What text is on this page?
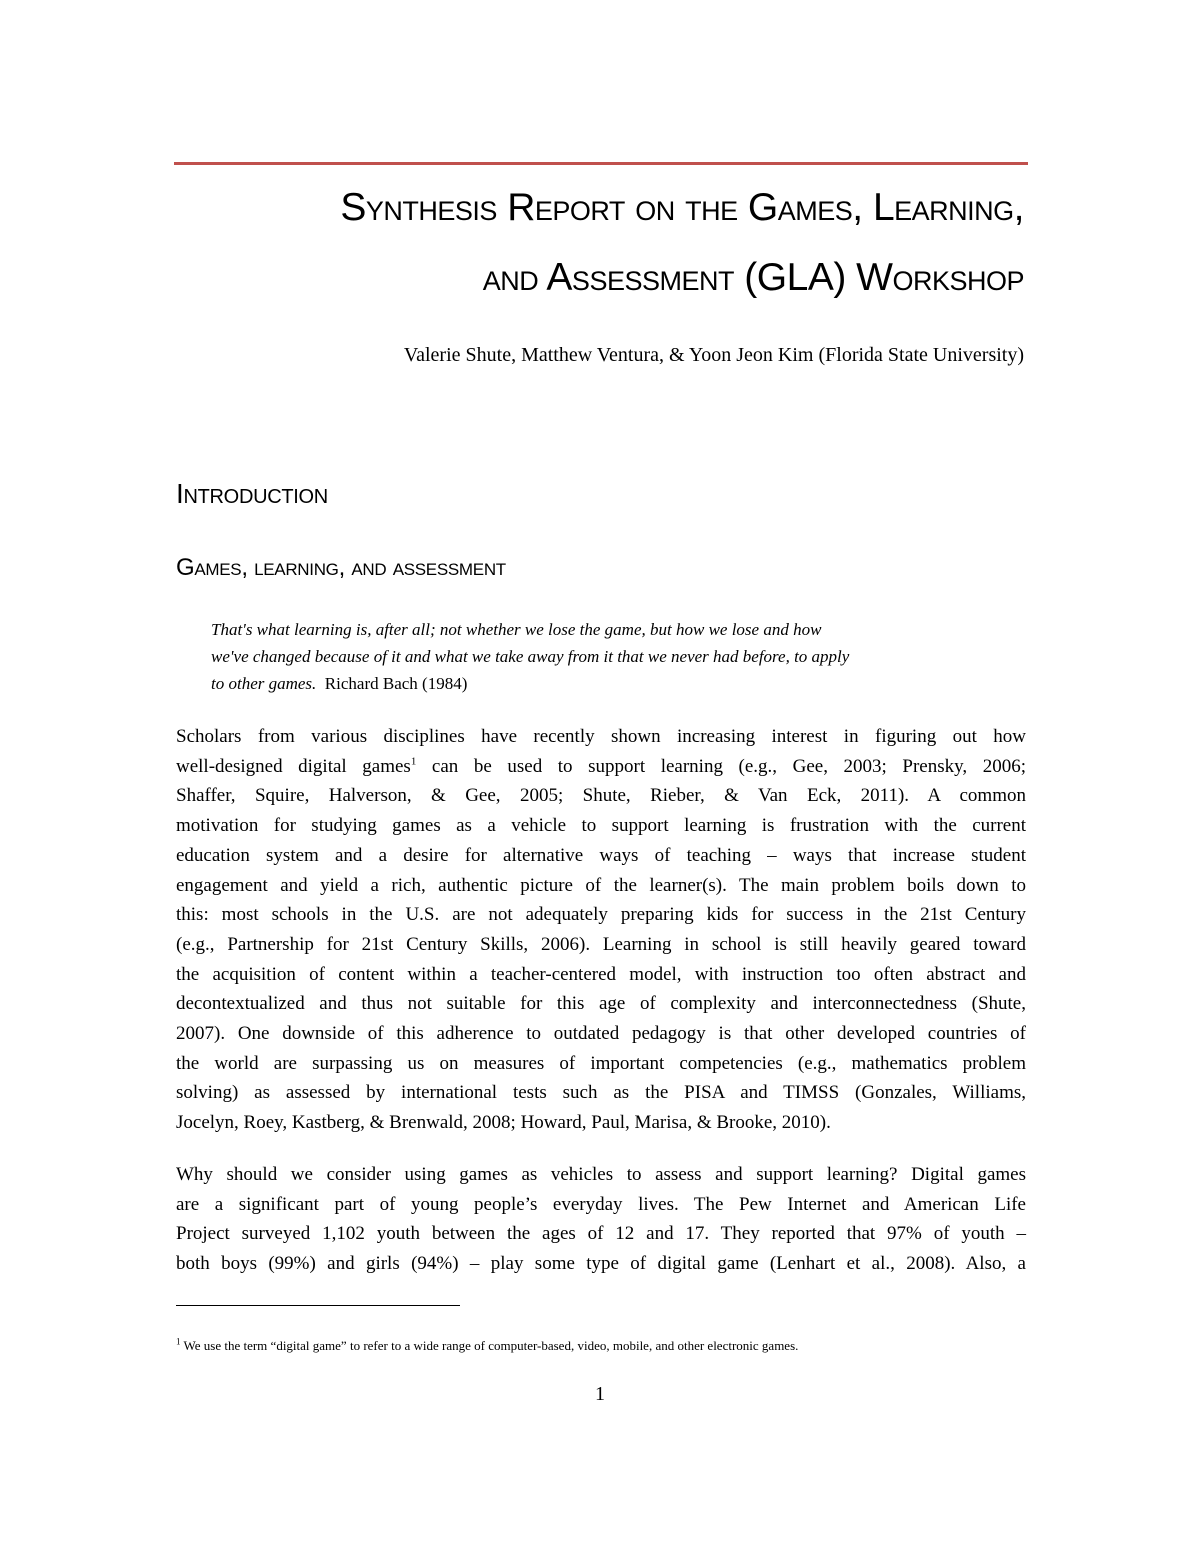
Synthesis Report on the Games, Learning,
and Assessment (GLA) Workshop
Valerie Shute, Matthew Ventura, & Yoon Jeon Kim (Florida State University)
Introduction
Games, learning, and assessment
That's what learning is, after all; not whether we lose the game, but how we lose and how
we've changed because of it and what we take away from it that we never had before, to apply
to other games. Richard Bach (1984)
Scholars from various disciplines have recently shown increasing interest in figuring out how
well-designed digital games$^1$ can be used to support learning (e.g., Gee, 2003; Prensky, 2006;
Shaffer, Squire, Halverson, & Gee, 2005; Shute, Rieber, & Van Eck, 2011). A common
motivation for studying games as a vehicle to support learning is frustration with the current
education system and a desire for alternative ways of teaching – ways that increase student
engagement and yield a rich, authentic picture of the learner(s). The main problem boils down to
this: most schools in the U.S. are not adequately preparing kids for success in the 21st Century
(e.g., Partnership for 21st Century Skills, 2006). Learning in school is still heavily geared toward
the acquisition of content within a teacher-centered model, with instruction too often abstract and
decontextualized and thus not suitable for this age of complexity and interconnectedness (Shute,
2007). One downside of this adherence to outdated pedagogy is that other developed countries of
the world are surpassing us on measures of important competencies (e.g., mathematics problem
solving) as assessed by international tests such as the PISA and TIMSS (Gonzales, Williams,
Jocelyn, Roey, Kastberg, & Brenwald, 2008; Howard, Paul, Marisa, & Brooke, 2010).
Why should we consider using games as vehicles to assess and support learning? Digital games
are a significant part of young people’s everyday lives. The Pew Internet and American Life
Project surveyed 1,102 youth between the ages of 12 and 17. They reported that 97% of youth –
both boys (99%) and girls (94%) – play some type of digital game (Lenhart et al., 2008). Also, a
$^1$ We use the term “digital game” to refer to a wide range of computer-based, video, mobile, and other electronic games.
1
